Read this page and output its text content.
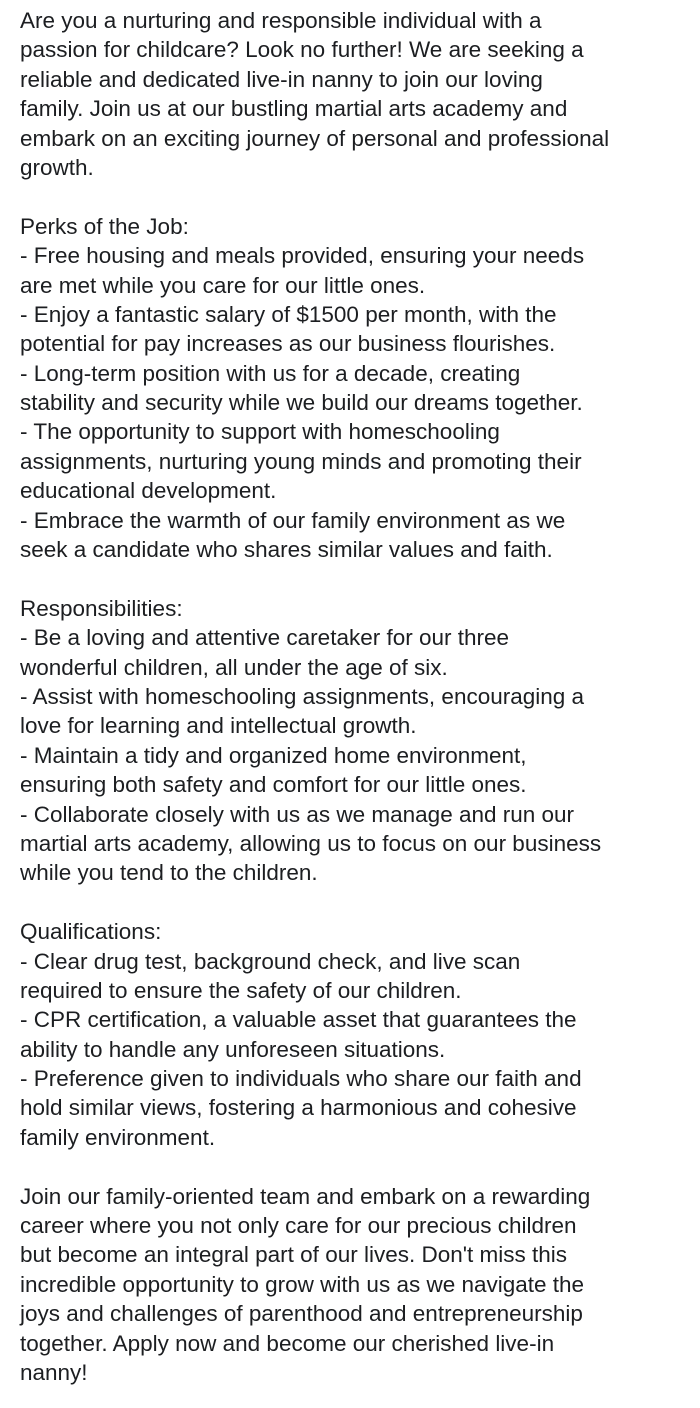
Are you a nurturing and responsible individual with a
passion for childcare? Look no further! We are seeking a
reliable and dedicated live-in nanny to join our loving
family. Join us at our bustling martial arts academy and
embark on an exciting journey of personal and professional
growth.
Perks of the Job:
- Free housing and meals provided, ensuring your needs
are met while you care for our little ones.
- Enjoy a fantastic salary of $1500 per month, with the
potential for pay increases as our business flourishes.
- Long-term position with us for a decade, creating
stability and security while we build our dreams together.
- The opportunity to support with homeschooling
assignments, nurturing young minds and promoting their
educational development.
- Embrace the warmth of our family environment as we
seek a candidate who shares similar values and faith.
Responsibilities:
- Be a loving and attentive caretaker for our three
wonderful children, all under the age of six.
- Assist with homeschooling assignments, encouraging a
love for learning and intellectual growth.
- Maintain a tidy and organized home environment,
ensuring both safety and comfort for our little ones.
- Collaborate closely with us as we manage and run our
martial arts academy, allowing us to focus on our business
while you tend to the children.
Qualifications:
- Clear drug test, background check, and live scan
required to ensure the safety of our children.
- CPR certification, a valuable asset that guarantees the
ability to handle any unforeseen situations.
- Preference given to individuals who share our faith and
hold similar views, fostering a harmonious and cohesive
family environment.
Join our family-oriented team and embark on a rewarding
career where you not only care for our precious children
but become an integral part of our lives. Don't miss this
incredible opportunity to grow with us as we navigate the
joys and challenges of parenthood and entrepreneurship
together. Apply now and become our cherished live-in
nanny!
